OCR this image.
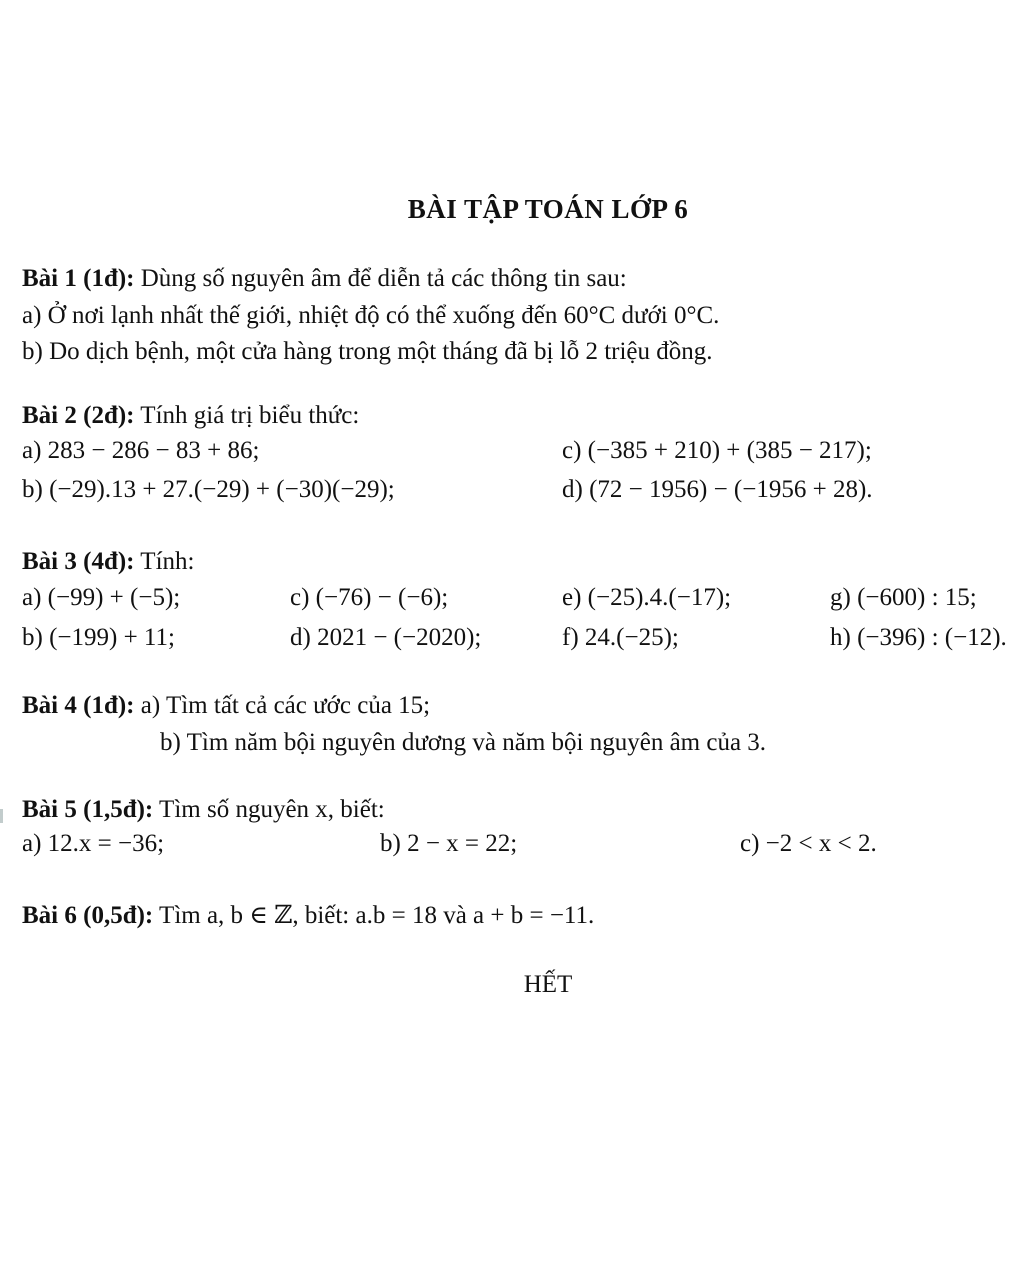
BÀI TẬP TOÁN LỚP 6
Bài 1 (1đ): Dùng số nguyên âm để diễn tả các thông tin sau:
a) Ở nơi lạnh nhất thế giới, nhiệt độ có thể xuống đến 60°C dưới 0°C.
b) Do dịch bệnh, một cửa hàng trong một tháng đã bị lỗ 2 triệu đồng.
Bài 2 (2đ): Tính giá trị biểu thức:
a) 283 − 286 − 83 + 86;	c) (−385 + 210) + (385 − 217);
b) (−29).13 + 27.(−29) + (−30)(−29);	d) (72 − 1956) − (−1956 + 28).
Bài 3 (4đ): Tính:
a) (−99) + (−5);	c) (−76) − (−6);	e) (−25).4.(−17);	g) (−600) : 15;
b) (−199) + 11;	d) 2021 − (−2020);	f) 24.(−25);	h) (−396) : (−12).
Bài 4 (1đ): a) Tìm tất cả các ước của 15;
b) Tìm năm bội nguyên dương và năm bội nguyên âm của 3.
Bài 5 (1,5đ): Tìm số nguyên x, biết:
a) 12.x = −36;	b) 2 − x = 22;	c) −2 < x < 2.
Bài 6 (0,5đ): Tìm a, b ∈ ℤ, biết: a.b = 18 và a + b = −11.
HẾT
